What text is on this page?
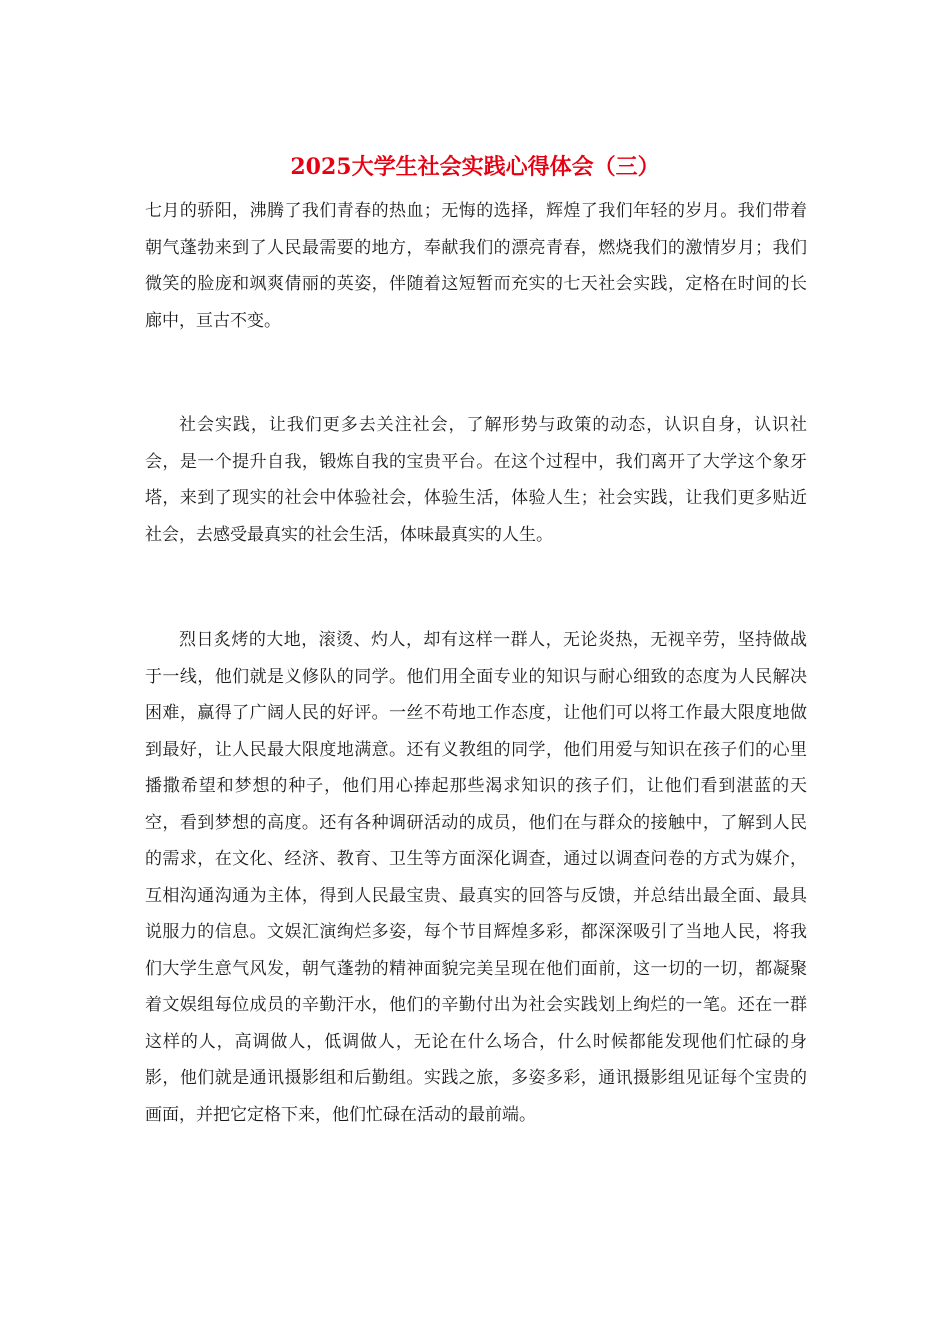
2025大学生社会实践心得体会（三）

七月的骄阳，沸腾了我们青春的热血；无悔的选择，辉煌了我们年轻的岁月。我们带着朝气蓬勃来到了人民最需要的地方，奉献我们的漂亮青春，燃烧我们的激情岁月；我们微笑的脸庞和飒爽倩丽的英姿，伴随着这短暂而充实的七天社会实践，定格在时间的长廊中，亘古不变。

社会实践，让我们更多去关注社会，了解形势与政策的动态，认识自身，认识社会，是一个提升自我，锻炼自我的宝贵平台。在这个过程中，我们离开了大学这个象牙塔，来到了现实的社会中体验社会，体验生活，体验人生；社会实践，让我们更多贴近社会，去感受最真实的社会生活，体味最真实的人生。

烈日炙烤的大地，滚烫、灼人，却有这样一群人，无论炎热，无视辛劳，坚持做战于一线，他们就是义修队的同学。他们用全面专业的知识与耐心细致的态度为人民解决困难，赢得了广阔人民的好评。一丝不苟地工作态度，让他们可以将工作最大限度地做到最好，让人民最大限度地满意。还有义教组的同学，他们用爱与知识在孩子们的心里播撒希望和梦想的种子，他们用心捧起那些渴求知识的孩子们，让他们看到湛蓝的天空，看到梦想的高度。还有各种调研活动的成员，他们在与群众的接触中，了解到人民的需求，在文化、经济、教育、卫生等方面深化调查，通过以调查问卷的方式为媒介，互相沟通沟通为主体，得到人民最宝贵、最真实的回答与反馈，并总结出最全面、最具说服力的信息。文娱汇演绚烂多姿，每个节目辉煌多彩，都深深吸引了当地人民，将我们大学生意气风发，朝气蓬勃的精神面貌完美呈现在他们面前，这一切的一切，都凝聚着文娱组每位成员的辛勤汗水，他们的辛勤付出为社会实践划上绚烂的一笔。还在一群这样的人，高调做人，低调做人，无论在什么场合，什么时候都能发现他们忙碌的身影，他们就是通讯摄影组和后勤组。实践之旅，多姿多彩，通讯摄影组见证每个宝贵的画面，并把它定格下来，他们忙碌在活动的最前端。
